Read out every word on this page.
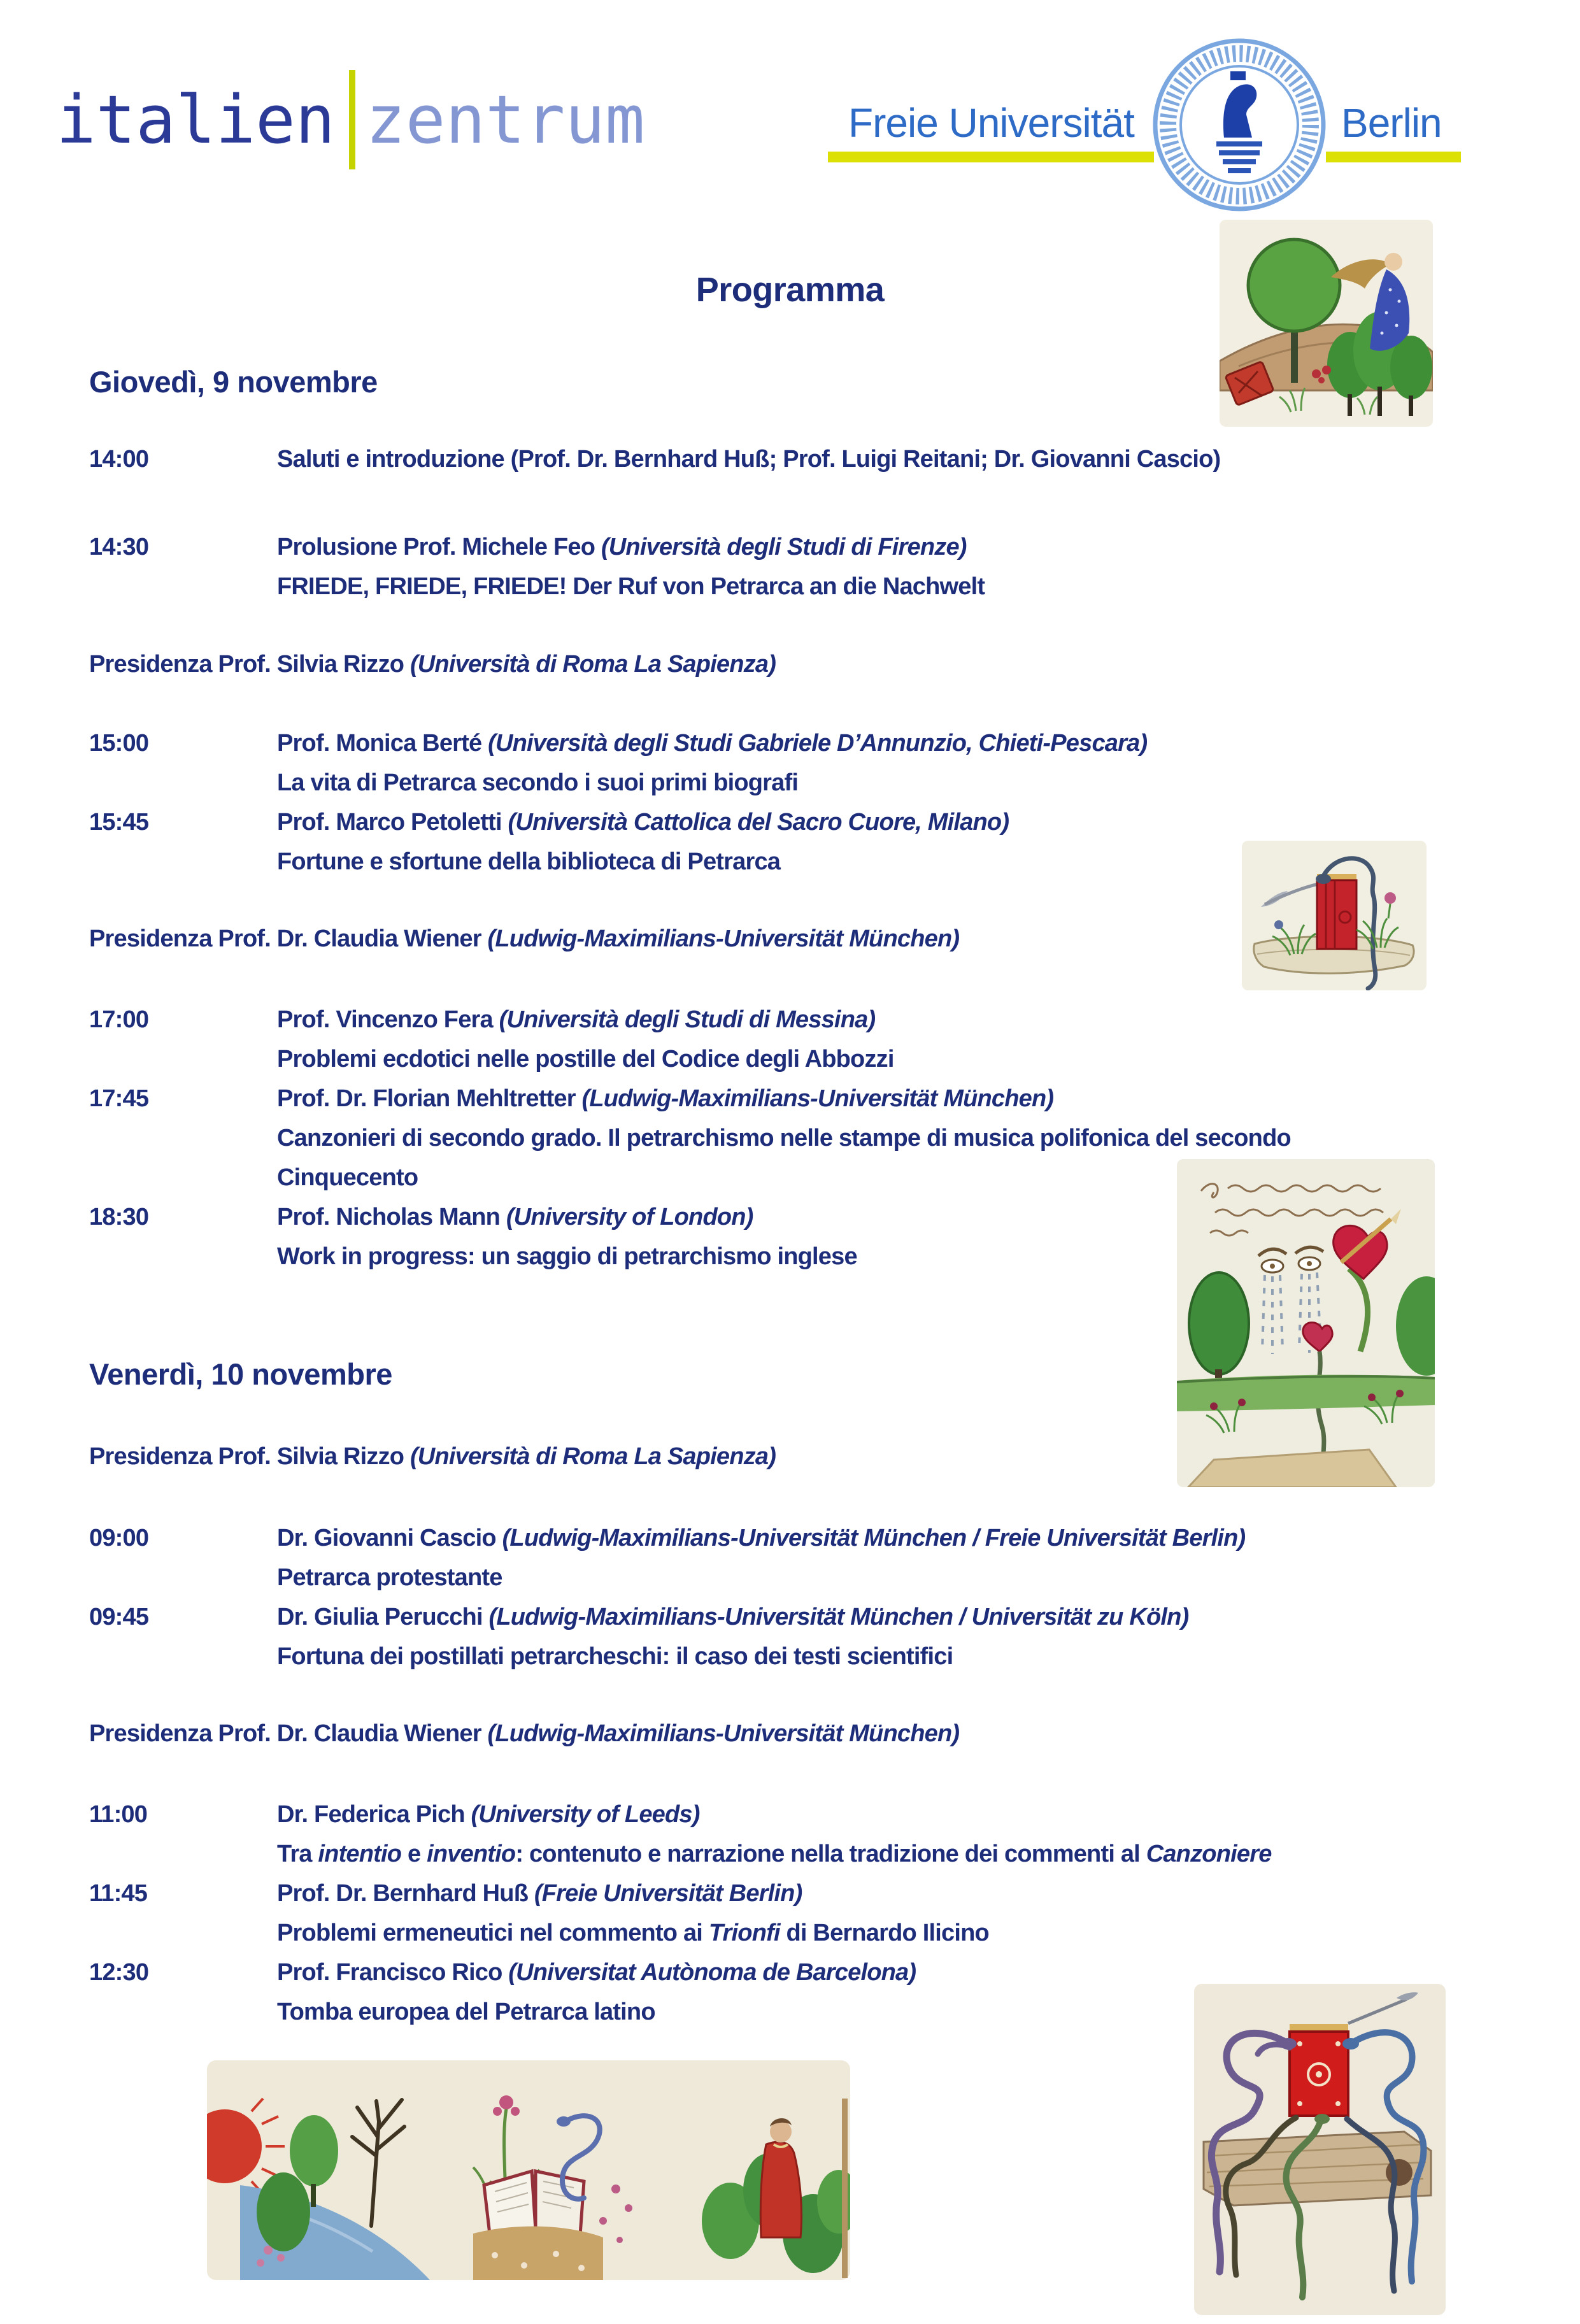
italien zentrum	Freie Universität	Berlin
Programma
Giovedì, 9 novembre
Venerdì, 10 novembre
14:00	Saluti e introduzione (Prof. Dr. Bernhard Huß; Prof. Luigi Reitani; Dr. Giovanni Cascio)
14:30	Prolusione Prof. Michele Feo (Università degli Studi di Firenze)
FRIEDE, FRIEDE, FRIEDE! Der Ruf von Petrarca an die Nachwelt
Presidenza Prof. Silvia Rizzo (Università di Roma La Sapienza)
15:00	Prof. Monica Berté (Università degli Studi Gabriele D’Annunzio, Chieti-Pescara)
La vita di Petrarca secondo i suoi primi biografi
15:45	Prof. Marco Petoletti (Università Cattolica del Sacro Cuore, Milano)
Fortune e sfortune della biblioteca di Petrarca
Presidenza Prof. Dr. Claudia Wiener (Ludwig-Maximilians-Universität München)
17:00	Prof. Vincenzo Fera (Università degli Studi di Messina)
Problemi ecdotici nelle postille del Codice degli Abbozzi
17:45	Prof. Dr. Florian Mehltretter (Ludwig-Maximilians-Universität München)
Canzonieri di secondo grado. Il petrarchismo nelle stampe di musica polifonica del secondo
Cinquecento
18:30	Prof. Nicholas Mann (University of London)
Work in progress: un saggio di petrarchismo inglese
Presidenza Prof. Silvia Rizzo (Università di Roma La Sapienza)
09:00	Dr. Giovanni Cascio (Ludwig-Maximilians-Universität München / Freie Universität Berlin)
Petrarca protestante
09:45	Dr. Giulia Perucchi (Ludwig-Maximilians-Universität München / Universität zu Köln)
Fortuna dei postillati petrarcheschi: il caso dei testi scientifici
Presidenza Prof. Dr. Claudia Wiener (Ludwig-Maximilians-Universität München)
11:00	Dr. Federica Pich (University of Leeds)
Tra intentio e inventio: contenuto e narrazione nella tradizione dei commenti al Canzoniere
11:45	Prof. Dr. Bernhard Huß (Freie Universität Berlin)
Problemi ermeneutici nel commento ai Trionfi di Bernardo Ilicino
12:30	Prof. Francisco Rico (Universitat Autònoma de Barcelona)
Tomba europea del Petrarca latino
